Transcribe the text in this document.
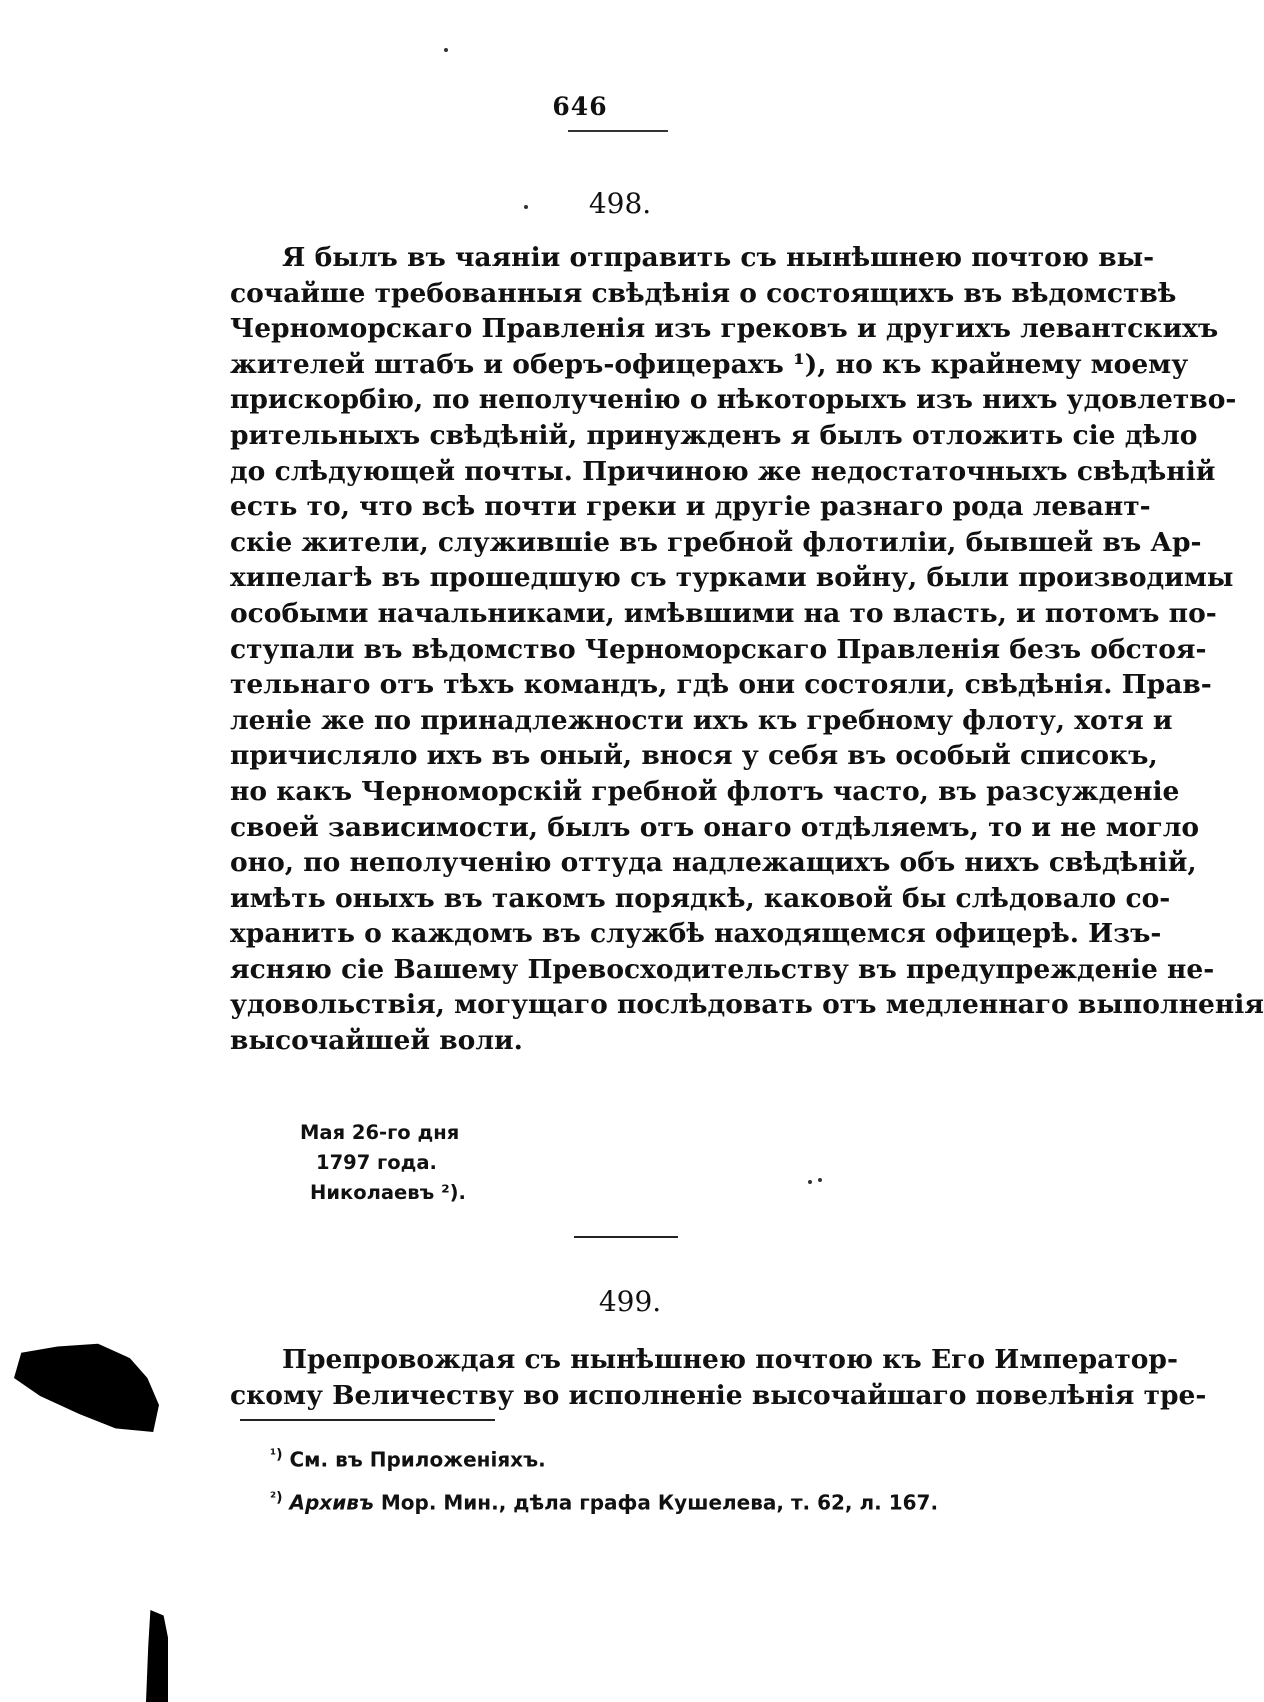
646
498.
Я былъ въ чаяніи отправить съ нынѣшнею почтою вы-
сочайше требованныя свѣдѣнія о состоящихъ въ вѣдомствѣ
Черноморскаго Правленія изъ грековъ и другихъ левантскихъ
жителей штабъ и оберъ-офицерахъ ¹), но къ крайнему моему
прискорбію, по неполученію о нѣкоторыхъ изъ нихъ удовлетво-
рительныхъ свѣдѣній, принужденъ я былъ отложить сіе дѣло
до слѣдующей почты. Причиною же недостаточныхъ свѣдѣній
есть то, что всѣ почти греки и другіе разнаго рода левант-
скіе жители, служившіе въ гребной флотиліи, бывшей въ Ар-
хипелагѣ въ прошедшую съ турками войну, были производимы
особыми начальниками, имѣвшими на то власть, и потомъ по-
ступали въ вѣдомство Черноморскаго Правленія безъ обстоя-
тельнаго отъ тѣхъ командъ, гдѣ они состояли, свѣдѣнія. Прав-
леніе же по принадлежности ихъ къ гребному флоту, хотя и
причисляло ихъ въ оный, внося у себя въ особый списокъ,
но какъ Черноморскій гребной флотъ часто, въ разсужденіе
своей зависимости, былъ отъ онаго отдѣляемъ, то и не могло
оно, по неполученію оттуда надлежащихъ объ нихъ свѣдѣній,
имѣть оныхъ въ такомъ порядкѣ, каковой бы слѣдовало со-
хранить о каждомъ въ службѣ находящемся офицерѣ. Изъ-
ясняю сіе Вашему Превосходительству въ предупрежденіе не-
удовольствія, могущаго послѣдовать отъ медленнаго выполненія
высочайшей воли.
Мая 26-го дня
1797 года.
Николаевъ ²).
499.
Препровождая съ нынѣшнею почтою къ Его Император-
скому Величеству во исполненіе высочайшаго повелѣнія тре-
$^{^1)}$ См. въ Приложеніяхъ.
$^{^2)}$ Архивъ Мор. Мин., дѣла графа Кушелева, т. 62, л. 167.
